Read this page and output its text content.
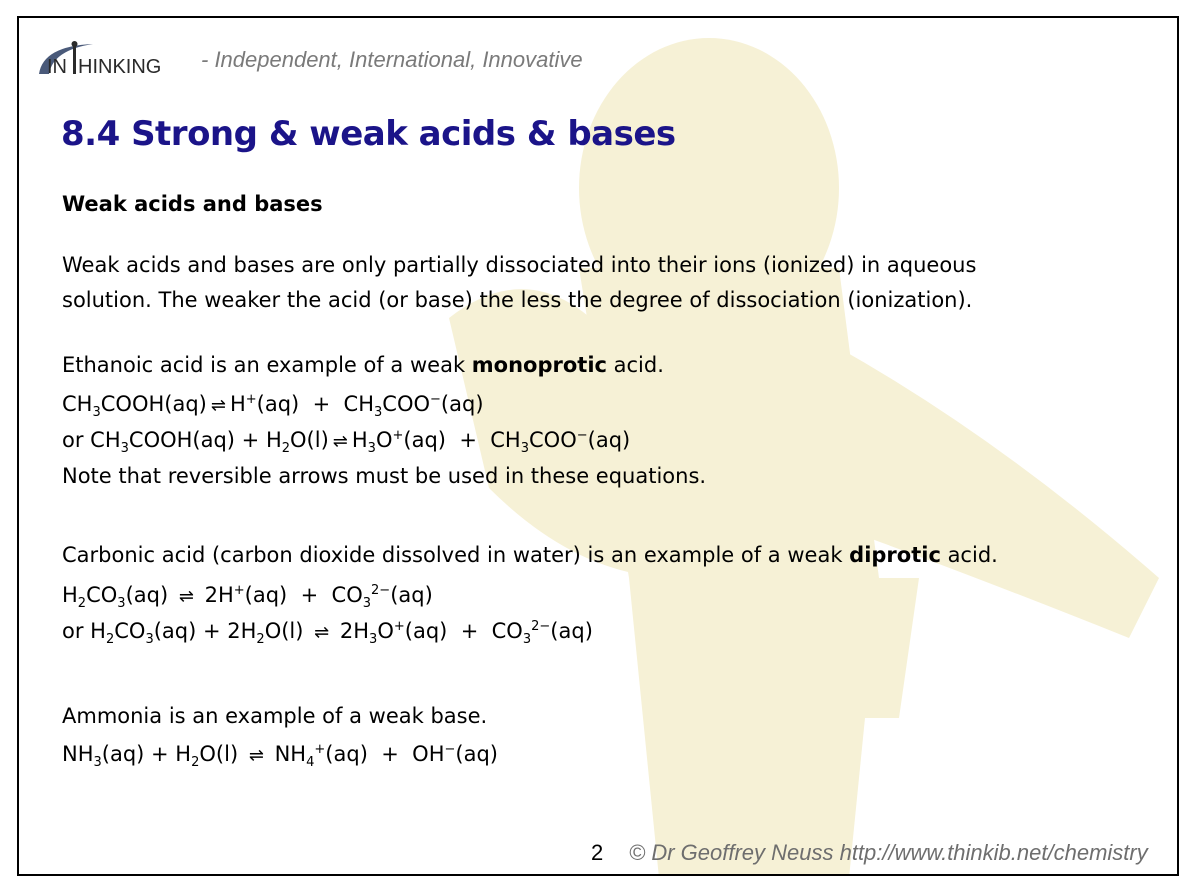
IN HINKING - Independent, International, Innovative
8.4 Strong & weak acids & bases
Weak acids and bases
Weak acids and bases are only partially dissociated into their ions (ionized) in aqueous
solution. The weaker the acid (or base) the less the degree of dissociation (ionization).
Ethanoic acid is an example of a weak monoprotic acid.
$CH_3COOH(aq)$ ⇌ $H^+(aq) + CH_3COO^-(aq)$
or $CH_3COOH(aq) + H_2O(l)$ ⇌ $H_3O^+(aq) + CH_3COO^-(aq)$
Note that reversible arrows must be used in these equations.
Carbonic acid (carbon dioxide dissolved in water) is an example of a weak diprotic acid.
$H_2CO_3(aq)$ ⇌ $2H^+(aq) + CO_3^{2-}(aq)$
or $H_2CO_3(aq) + 2H_2O(l)$ ⇌ $2H_3O^+(aq) + CO_3^{2-}(aq)$
Ammonia is an example of a weak base.
$NH_3(aq) + H_2O(l)$ ⇌ $NH_4^+(aq) + OH^-(aq)$
2 © Dr Geoffrey Neuss http://www.thinkib.net/chemistry
